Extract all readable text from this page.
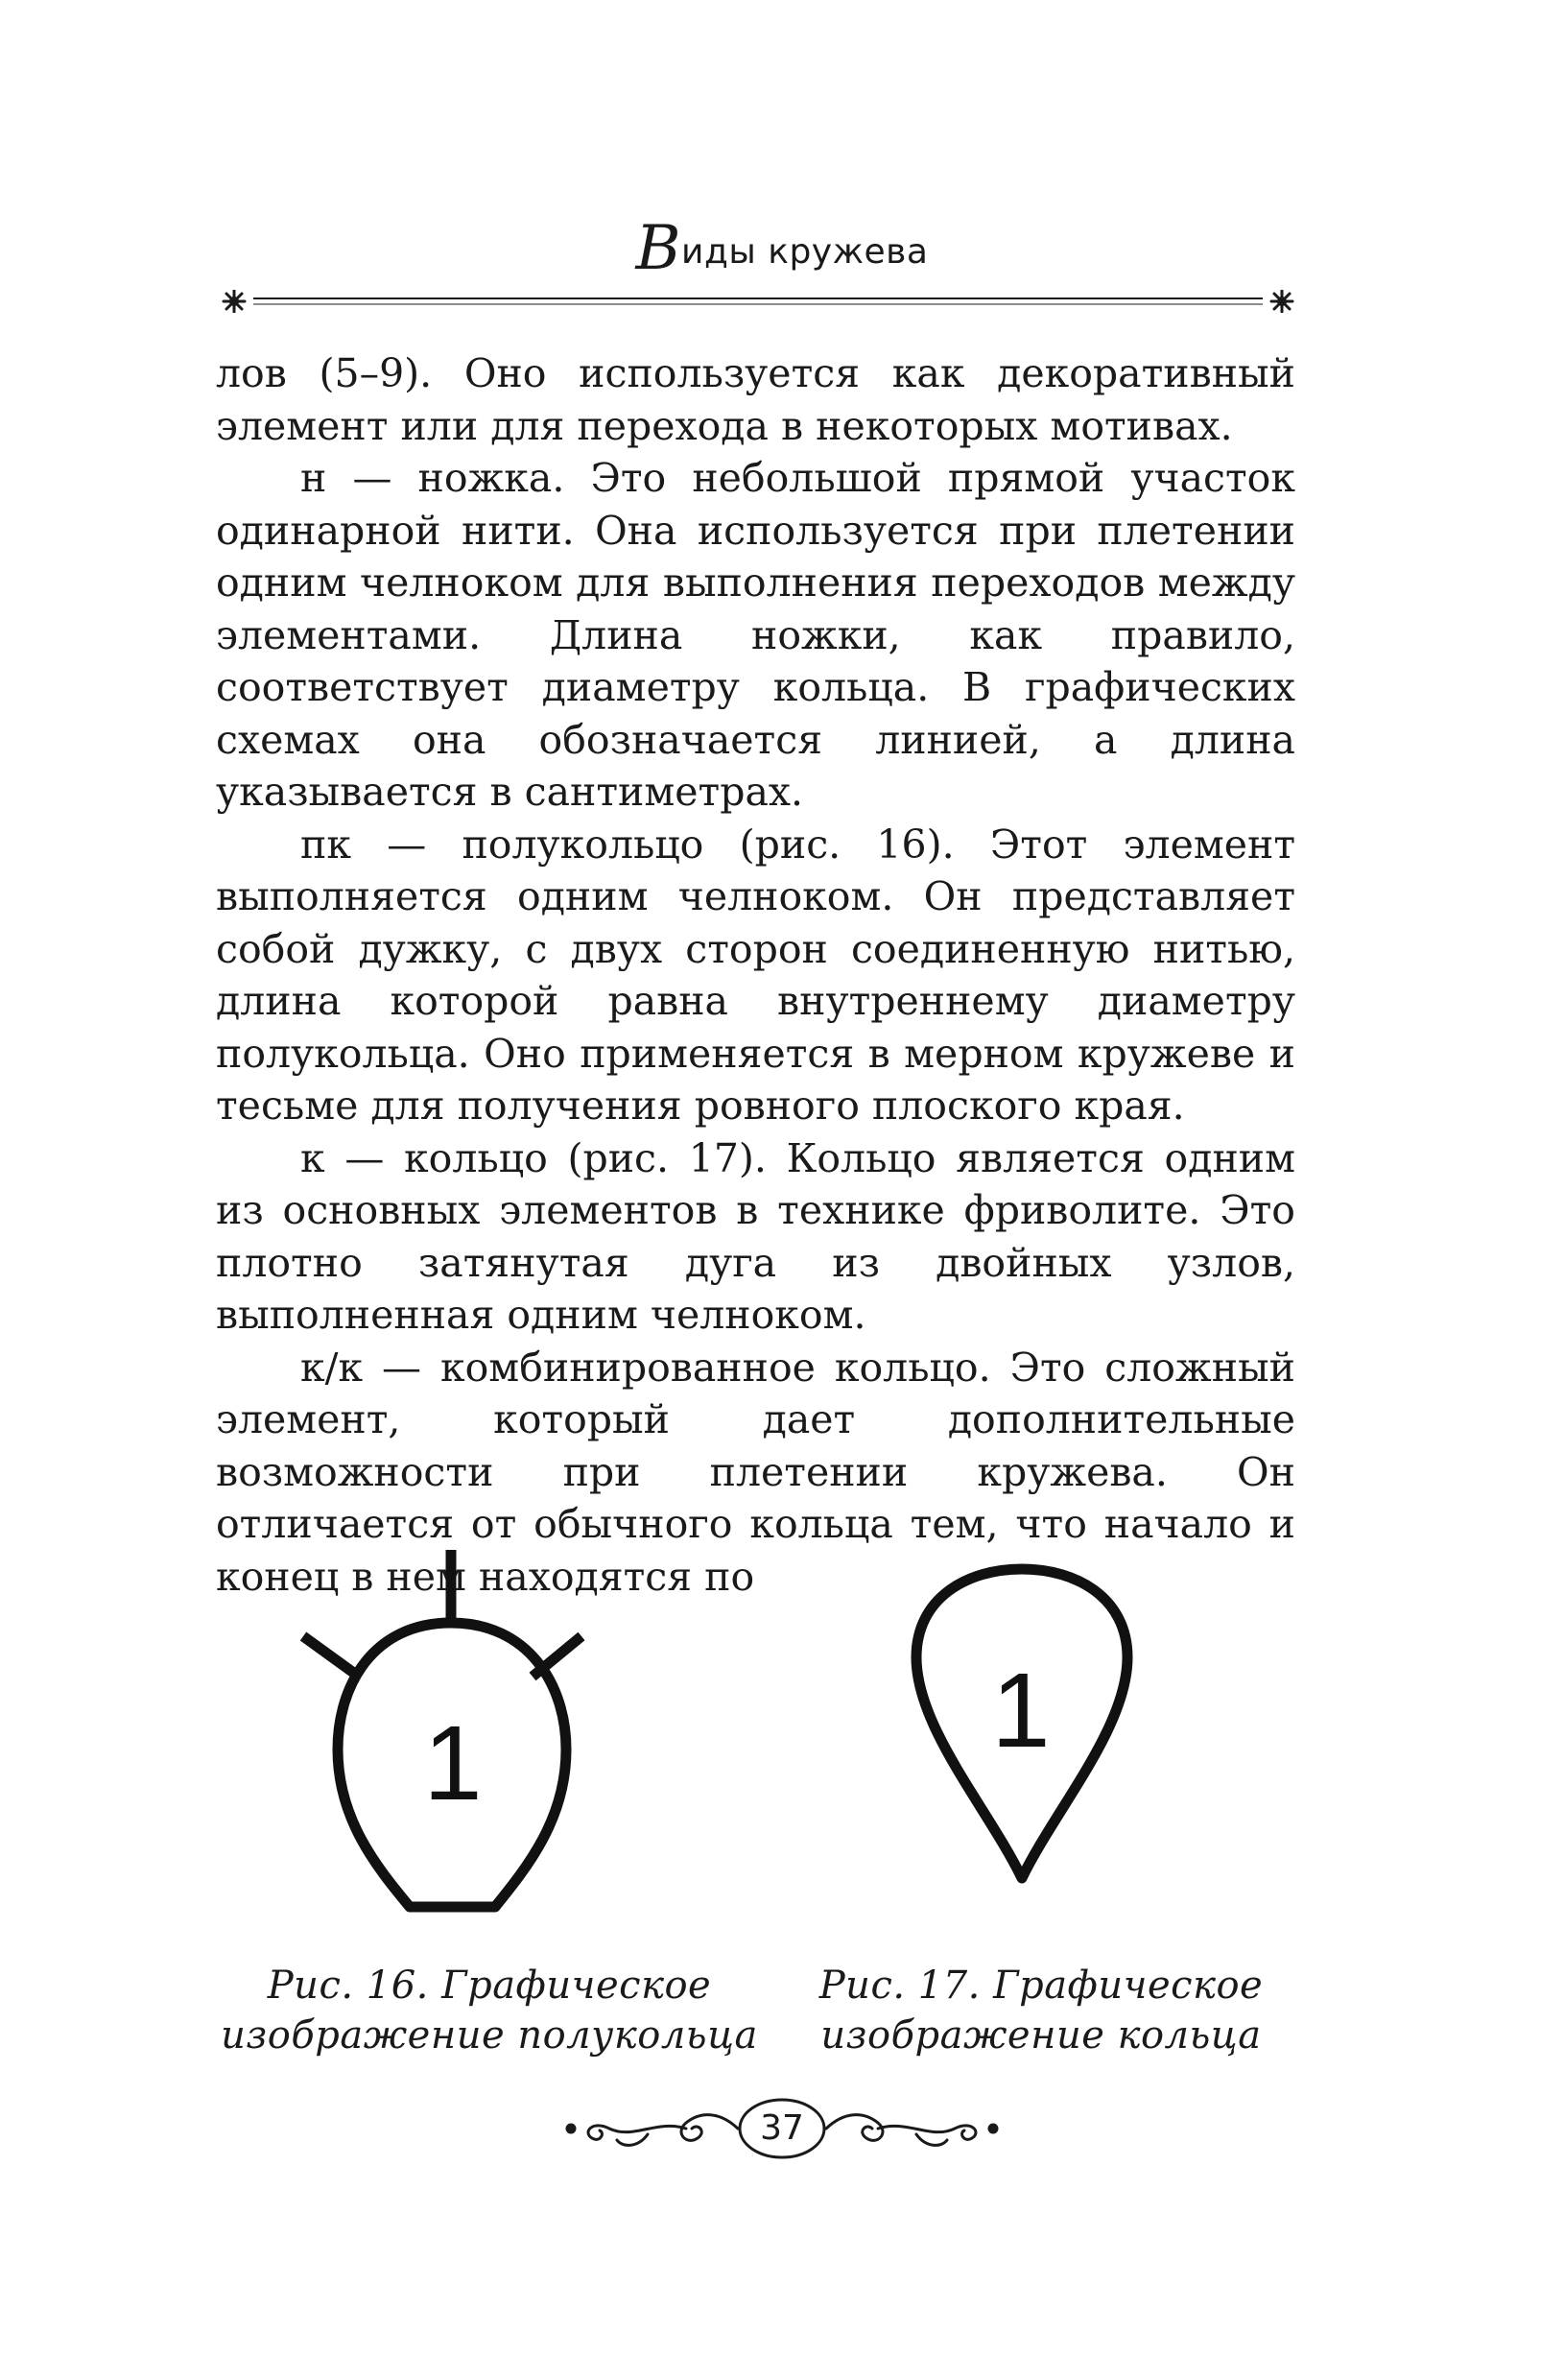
Виды кружева

лов (5–9). Оно используется как декоративный элемент или для перехода в некоторых мотивах.

н — ножка. Это небольшой прямой участок одинарной нити. Она используется при плетении одним челноком для выполнения переходов между элементами. Длина ножки, как правило, соответствует диаметру кольца. В графических схемах она обозначается линией, а длина указывается в сантиметрах.

пк — полукольцо (рис. 16). Этот элемент выполняется одним челноком. Он представляет собой дужку, с двух сторон соединенную нитью, длина которой равна внутреннему диаметру полукольца. Оно применяется в мерном кружеве и тесьме для получения ровного плоского края.

к — кольцо (рис. 17). Кольцо является одним из основных элементов в технике фриволите. Это плотно затянутая дуга из двойных узлов, выполненная одним челноком.

к/к — комбинированное кольцо. Это сложный элемент, который дает дополнительные возможности при плетении кружева. Он отличается от обычного кольца тем, что начало и конец в нем находятся по

1	1
Рис. 16. Графическое
изображение полукольца
Рис. 17. Графическое
изображение кольца
37
